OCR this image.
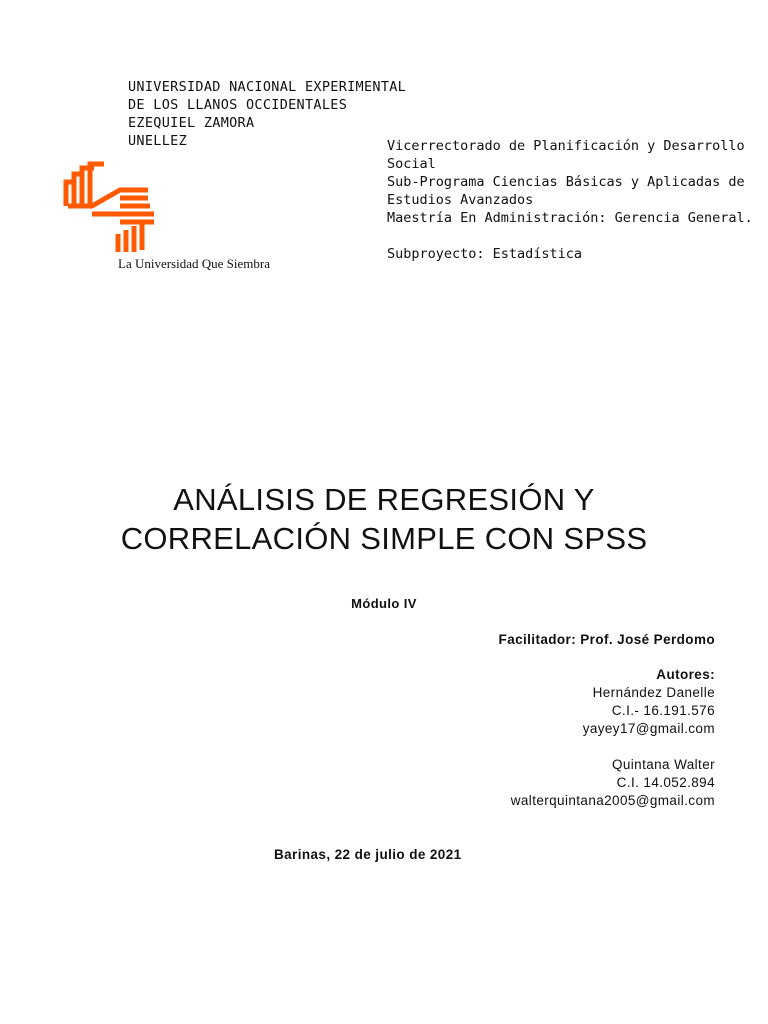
UNIVERSIDAD NACIONAL EXPERIMENTAL
DE LOS LLANOS OCCIDENTALES
EZEQUIEL ZAMORA
UNELLEZ
La Universidad Que Siembra
Vicerrectorado de Planificación y Desarrollo
Social
Sub-Programa Ciencias Básicas y Aplicadas de
Estudios Avanzados
Maestría En Administración: Gerencia General.
Subproyecto: Estadística
ANÁLISIS DE REGRESIÓN Y
CORRELACIÓN SIMPLE CON SPSS
Módulo IV
Facilitador: Prof. José Perdomo
Autores:
Hernández Danelle
C.I.- 16.191.576
yayey17@gmail.com
Quintana Walter
C.I. 14.052.894
walterquintana2005@gmail.com
Barinas, 22 de julio de 2021
